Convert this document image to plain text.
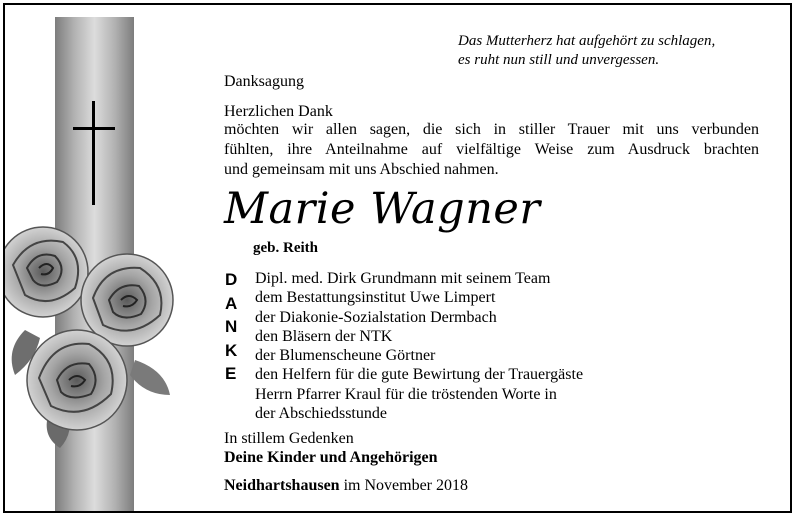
Das Mutterherz hat aufgehört zu schlagen,
es ruht nun still und unvergessen.
Danksagung
Herzlichen Dank
möchten wir allen sagen, die sich in stiller Trauer mit uns verbunden
fühlten, ihre Anteilnahme auf vielfältige Weise zum Ausdruck brachten
und gemeinsam mit uns Abschied nahmen.
Marie Wagner
geb. Reith
D
A
N
K
E
Dipl. med. Dirk Grundmann mit seinem Team
dem Bestattungsinstitut Uwe Limpert
der Diakonie-Sozialstation Dermbach
den Bläsern der NTK
der Blumenscheune Görtner
den Helfern für die gute Bewirtung der Trauergäste
Herrn Pfarrer Kraul für die tröstenden Worte in
der Abschiedsstunde
In stillem Gedenken
Deine Kinder und Angehörigen
Neidhartshausen im November 2018
